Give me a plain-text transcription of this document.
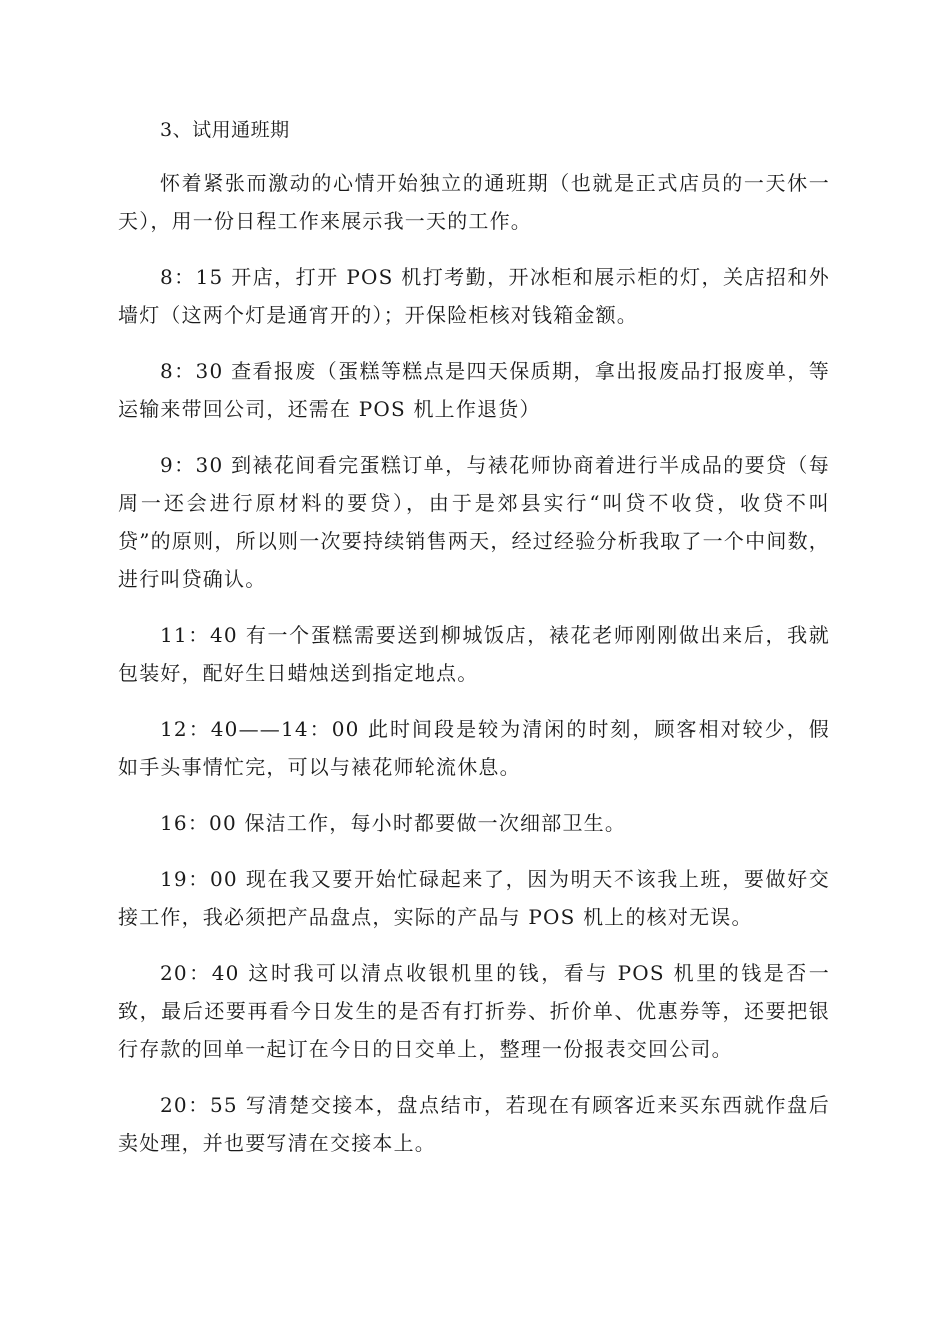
3、试用通班期

怀着紧张而激动的心情开始独立的通班期（也就是正式店员的一天休一天），用一份日程工作来展示我一天的工作。

8：15 开店，打开 POS 机打考勤，开冰柜和展示柜的灯，关店招和外墙灯（这两个灯是通宵开的）；开保险柜核对钱箱金额。

8：30 查看报废（蛋糕等糕点是四天保质期，拿出报废品打报废单，等运输来带回公司，还需在 POS 机上作退货）

9：30 到裱花间看完蛋糕订单，与裱花师协商着进行半成品的要贷（每周一还会进行原材料的要贷），由于是郊县实行“叫贷不收贷，收贷不叫贷”的原则，所以则一次要持续销售两天，经过经验分析我取了一个中间数，进行叫贷确认。

11：40 有一个蛋糕需要送到柳城饭店，裱花老师刚刚做出来后，我就包装好，配好生日蜡烛送到指定地点。

12：40——14：00 此时间段是较为清闲的时刻，顾客相对较少，假如手头事情忙完，可以与裱花师轮流休息。

16：00 保洁工作，每小时都要做一次细部卫生。

19：00 现在我又要开始忙碌起来了，因为明天不该我上班，要做好交接工作，我必须把产品盘点，实际的产品与 POS 机上的核对无误。

20：40 这时我可以清点收银机里的钱，看与 POS 机里的钱是否一致，最后还要再看今日发生的是否有打折券、折价单、优惠券等，还要把银行存款的回单一起订在今日的日交单上，整理一份报表交回公司。

20：55 写清楚交接本，盘点结市，若现在有顾客近来买东西就作盘后卖处理，并也要写清在交接本上。
